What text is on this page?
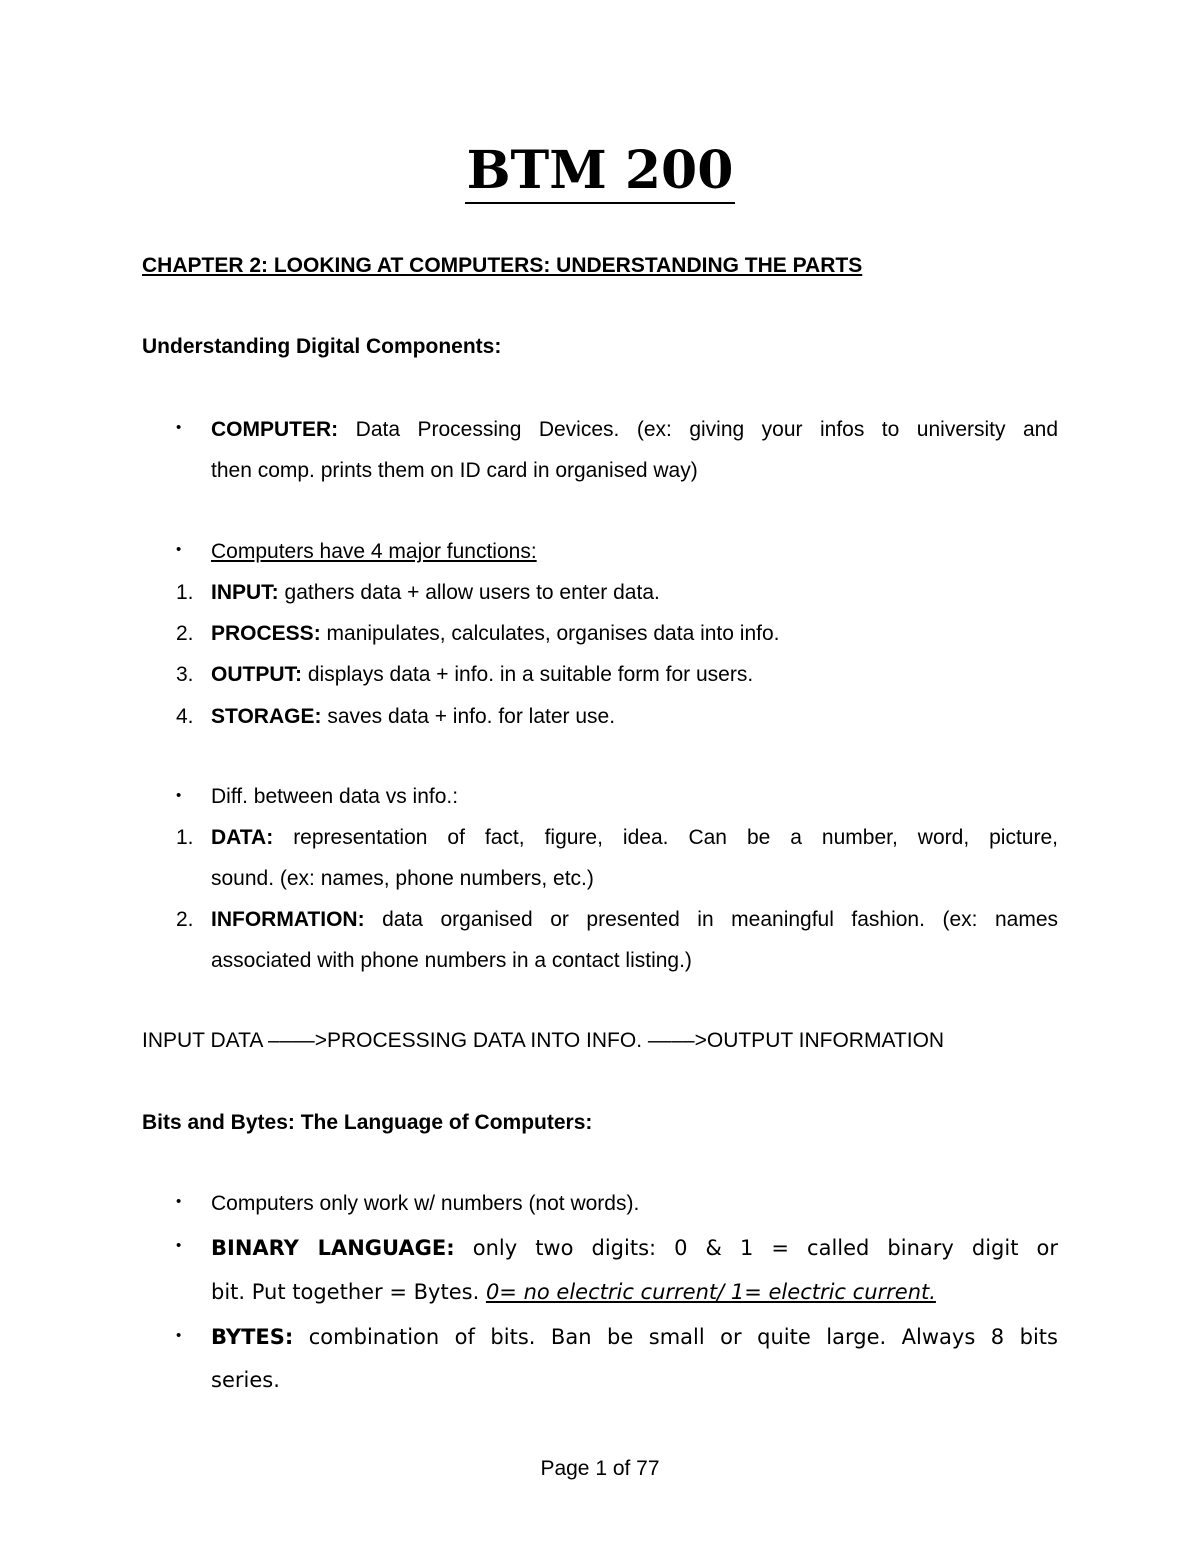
BTM 200
CHAPTER 2: LOOKING AT COMPUTERS: UNDERSTANDING THE PARTS
Understanding Digital Components:
• COMPUTER: Data Processing Devices. (ex: giving your infos to university and
then comp. prints them on ID card in organised way)
• Computers have 4 major functions:
1. INPUT: gathers data + allow users to enter data.
2. PROCESS: manipulates, calculates, organises data into info.
3. OUTPUT: displays data + info. in a suitable form for users.
4. STORAGE: saves data + info. for later use.
• Diff. between data vs info.:
1. DATA: representation of fact, figure, idea. Can be a number, word, picture,
sound. (ex: names, phone numbers, etc.)
2. INFORMATION: data organised or presented in meaningful fashion. (ex: names
associated with phone numbers in a contact listing.)
INPUT DATA ––––>PROCESSING DATA INTO INFO. ––––>OUTPUT INFORMATION
Bits and Bytes: The Language of Computers:
• Computers only work w/ numbers (not words).
• BINARY LANGUAGE: only two digits: 0 & 1 = called binary digit or
bit. Put together = Bytes. 0= no electric current/ 1= electric current.
• BYTES: combination of bits. Ban be small or quite large. Always 8 bits
series.
Page 1 of 77
